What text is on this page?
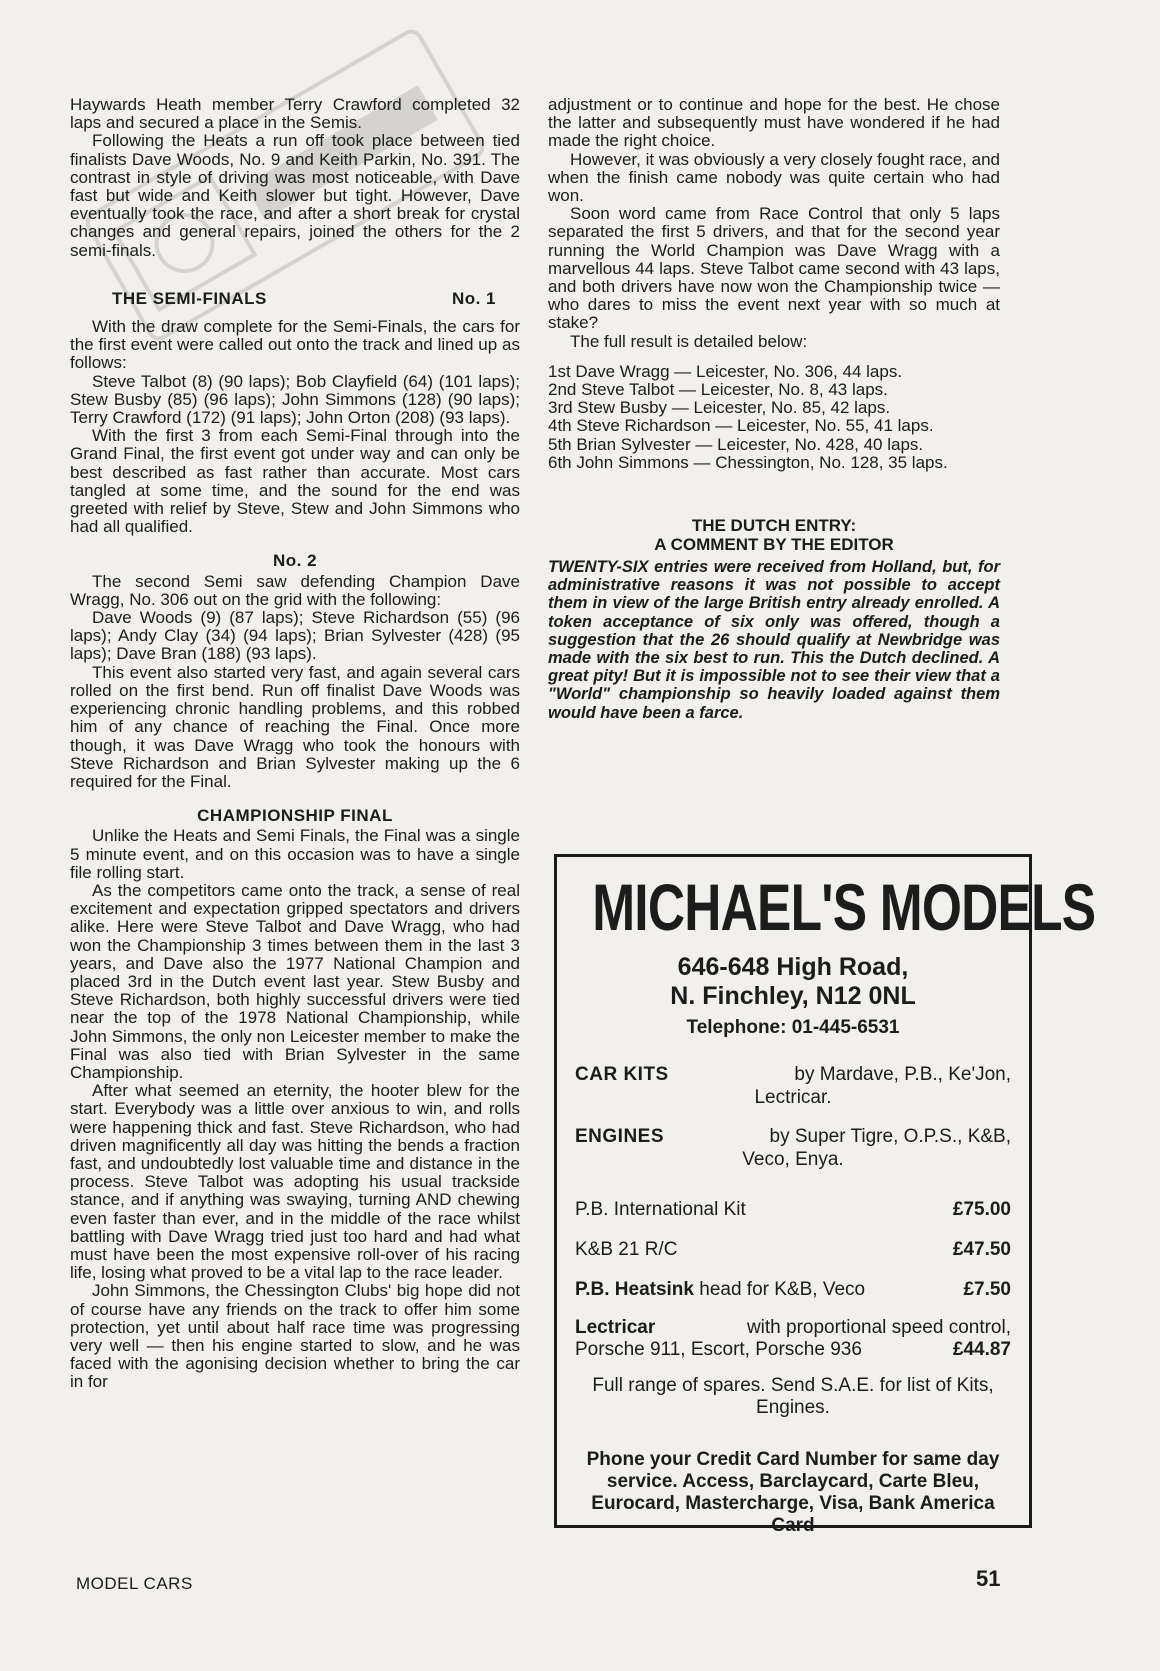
Haywards Heath member Terry Crawford completed 32 laps and secured a place in the Semis.

Following the Heats a run off took place between tied finalists Dave Woods, No. 9 and Keith Parkin, No. 391. The contrast in style of driving was most noticeable, with Dave fast but wide and Keith slower but tight. However, Dave eventually took the race, and after a short break for crystal changes and general repairs, joined the others for the 2 semi-finals.

THE SEMI-FINALS	No. 1

With the draw complete for the Semi-Finals, the cars for the first event were called out onto the track and lined up as follows:

Steve Talbot (8) (90 laps); Bob Clayfield (64) (101 laps); Stew Busby (85) (96 laps); John Simmons (128) (90 laps); Terry Crawford (172) (91 laps); John Orton (208) (93 laps).

With the first 3 from each Semi-Final through into the Grand Final, the first event got under way and can only be best described as fast rather than accurate. Most cars tangled at some time, and the sound for the end was greeted with relief by Steve, Stew and John Simmons who had all qualified.

No. 2

The second Semi saw defending Champion Dave Wragg, No. 306 out on the grid with the following:

Dave Woods (9) (87 laps); Steve Richardson (55) (96 laps); Andy Clay (34) (94 laps); Brian Sylvester (428) (95 laps); Dave Bran (188) (93 laps).

This event also started very fast, and again several cars rolled on the first bend. Run off finalist Dave Woods was experiencing chronic handling problems, and this robbed him of any chance of reaching the Final. Once more though, it was Dave Wragg who took the honours with Steve Richardson and Brian Sylvester making up the 6 required for the Final.

CHAMPIONSHIP FINAL

Unlike the Heats and Semi Finals, the Final was a single 5 minute event, and on this occasion was to have a single file rolling start.

As the competitors came onto the track, a sense of real excitement and expectation gripped spectators and drivers alike. Here were Steve Talbot and Dave Wragg, who had won the Championship 3 times between them in the last 3 years, and Dave also the 1977 National Champion and placed 3rd in the Dutch event last year. Stew Busby and Steve Richardson, both highly successful drivers were tied near the top of the 1978 National Championship, while John Simmons, the only non Leicester member to make the Final was also tied with Brian Sylvester in the same Championship.

After what seemed an eternity, the hooter blew for the start. Everybody was a little over anxious to win, and rolls were happening thick and fast. Steve Richardson, who had driven magnificently all day was hitting the bends a fraction fast, and undoubtedly lost valuable time and distance in the process. Steve Talbot was adopting his usual trackside stance, and if anything was swaying, turning AND chewing even faster than ever, and in the middle of the race whilst battling with Dave Wragg tried just too hard and had what must have been the most expensive roll-over of his racing life, losing what proved to be a vital lap to the race leader.

John Simmons, the Chessington Clubs' big hope did not of course have any friends on the track to offer him some protection, yet until about half race time was progressing very well — then his engine started to slow, and he was faced with the agonising decision whether to bring the car in for

adjustment or to continue and hope for the best. He chose the latter and subsequently must have wondered if he had made the right choice.

However, it was obviously a very closely fought race, and when the finish came nobody was quite certain who had won.

Soon word came from Race Control that only 5 laps separated the first 5 drivers, and that for the second year running the World Champion was Dave Wragg with a marvellous 44 laps. Steve Talbot came second with 43 laps, and both drivers have now won the Championship twice — who dares to miss the event next year with so much at stake?

The full result is detailed below:

1st Dave Wragg — Leicester, No. 306, 44 laps.
2nd Steve Talbot — Leicester, No. 8, 43 laps.
3rd Stew Busby — Leicester, No. 85, 42 laps.
4th Steve Richardson — Leicester, No. 55, 41 laps.
5th Brian Sylvester — Leicester, No. 428, 40 laps.
6th John Simmons — Chessington, No. 128, 35 laps.
THE DUTCH ENTRY:
A COMMENT BY THE EDITOR
TWENTY-SIX entries were received from Holland, but, for administrative reasons it was not possible to accept them in view of the large British entry already enrolled. A token acceptance of six only was offered, though a suggestion that the 26 should qualify at Newbridge was made with the six best to run. This the Dutch declined. A great pity! But it is impossible not to see their view that a "World" championship so heavily loaded against them would have been a farce.
MICHAEL'S MODELS
646-648 High Road,
N. Finchley, N12 0NL
Telephone: 01-445-6531
CAR KITS	by Mardave, P.B., Ke'Jon,
Lectricar.
ENGINES	by Super Tigre, O.P.S., K&B,
Veco, Enya.
P.B. International Kit	£75.00
K&B 21 R/C	£47.50
P.B. Heatsink head for K&B, Veco	£7.50
Lectricar	with proportional speed control,
Porsche 911, Escort, Porsche 936	£44.87
Full range of spares. Send S.A.E. for list of Kits, Engines.
Phone your Credit Card Number for same day service. Access, Barclaycard, Carte Bleu, Eurocard, Mastercharge, Visa, Bank America Card
MODEL CARS	51
